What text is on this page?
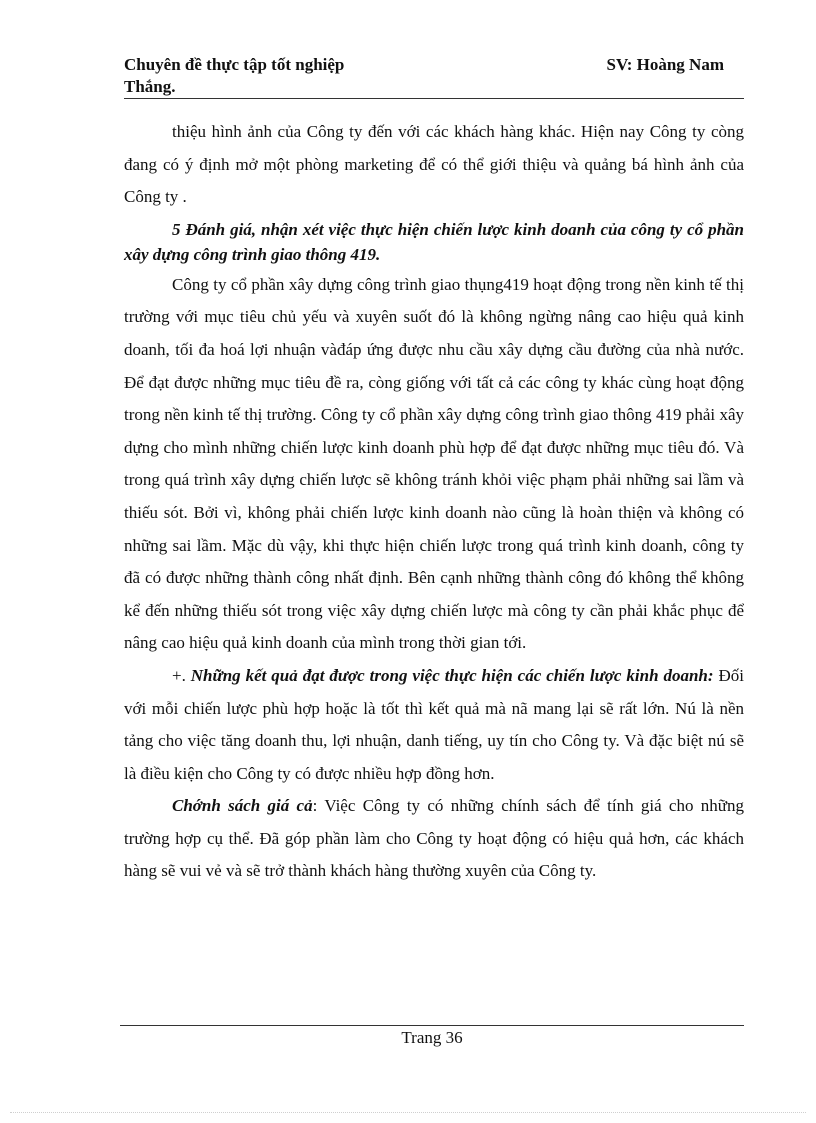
Chuyên đề thực tập tốt nghiệp
Thắng.
SV: Hoàng Nam

thiệu hình ảnh của Công ty đến với các khách hàng khác. Hiện nay Công ty còng đang có ý định mở một phòng marketing để có thể giới thiệu và quảng bá hình ảnh của Công ty .

5 Đánh giá, nhận xét việc thực hiện chiến lược kinh doanh của công ty cổ phần xây dựng công trình giao thông 419.

Công ty cổ phần xây dựng công trình giao thụng419 hoạt động trong nền kinh tế thị trường với mục tiêu chủ yếu và xuyên suốt đó là không ngừng nâng cao hiệu quả kinh doanh, tối đa hoá lợi nhuận vàđáp ứng được nhu cầu xây dựng cầu đường của nhà nước. Để đạt được những mục tiêu đề ra, còng giống với tất cả các công ty khác cùng hoạt động trong nền kinh tế thị trường. Công ty cổ phần xây dựng công trình giao thông 419 phải xây dựng cho mình những chiến lược kinh doanh phù hợp để đạt được những mục tiêu đó. Và trong quá trình xây dựng chiến lược sẽ không tránh khỏi việc phạm phải những sai lầm và thiếu sót. Bởi vì, không phải chiến lược kinh doanh nào cũng là hoàn thiện và không có những sai lầm. Mặc dù vậy, khi thực hiện chiến lược trong quá trình kinh doanh, công ty đã có được những thành công nhất định. Bên cạnh những thành công đó không thể không kể đến những thiếu sót trong việc xây dựng chiến lược mà công ty cần phải khắc phục để nâng cao hiệu quả kinh doanh của mình trong thời gian tới.

+. Những kết quả đạt được trong việc thực hiện các chiến lược kinh doanh: Đối với mỗi chiến lược phù hợp hoặc là tốt thì kết quả mà nã mang lại sẽ rất lớn. Nú là nền tảng cho việc tăng doanh thu, lợi nhuận, danh tiếng, uy tín cho Công ty. Và đặc biệt nú sẽ là điều kiện cho Công ty có được nhiều hợp đồng hơn.

Chớnh sách giá cả: Việc Công ty có những chính sách để tính giá cho những trường hợp cụ thể. Đã góp phần làm cho Công ty hoạt động có hiệu quả hơn, các khách hàng sẽ vui vẻ và sẽ trở thành khách hàng thường xuyên của Công ty.

Trang 36
